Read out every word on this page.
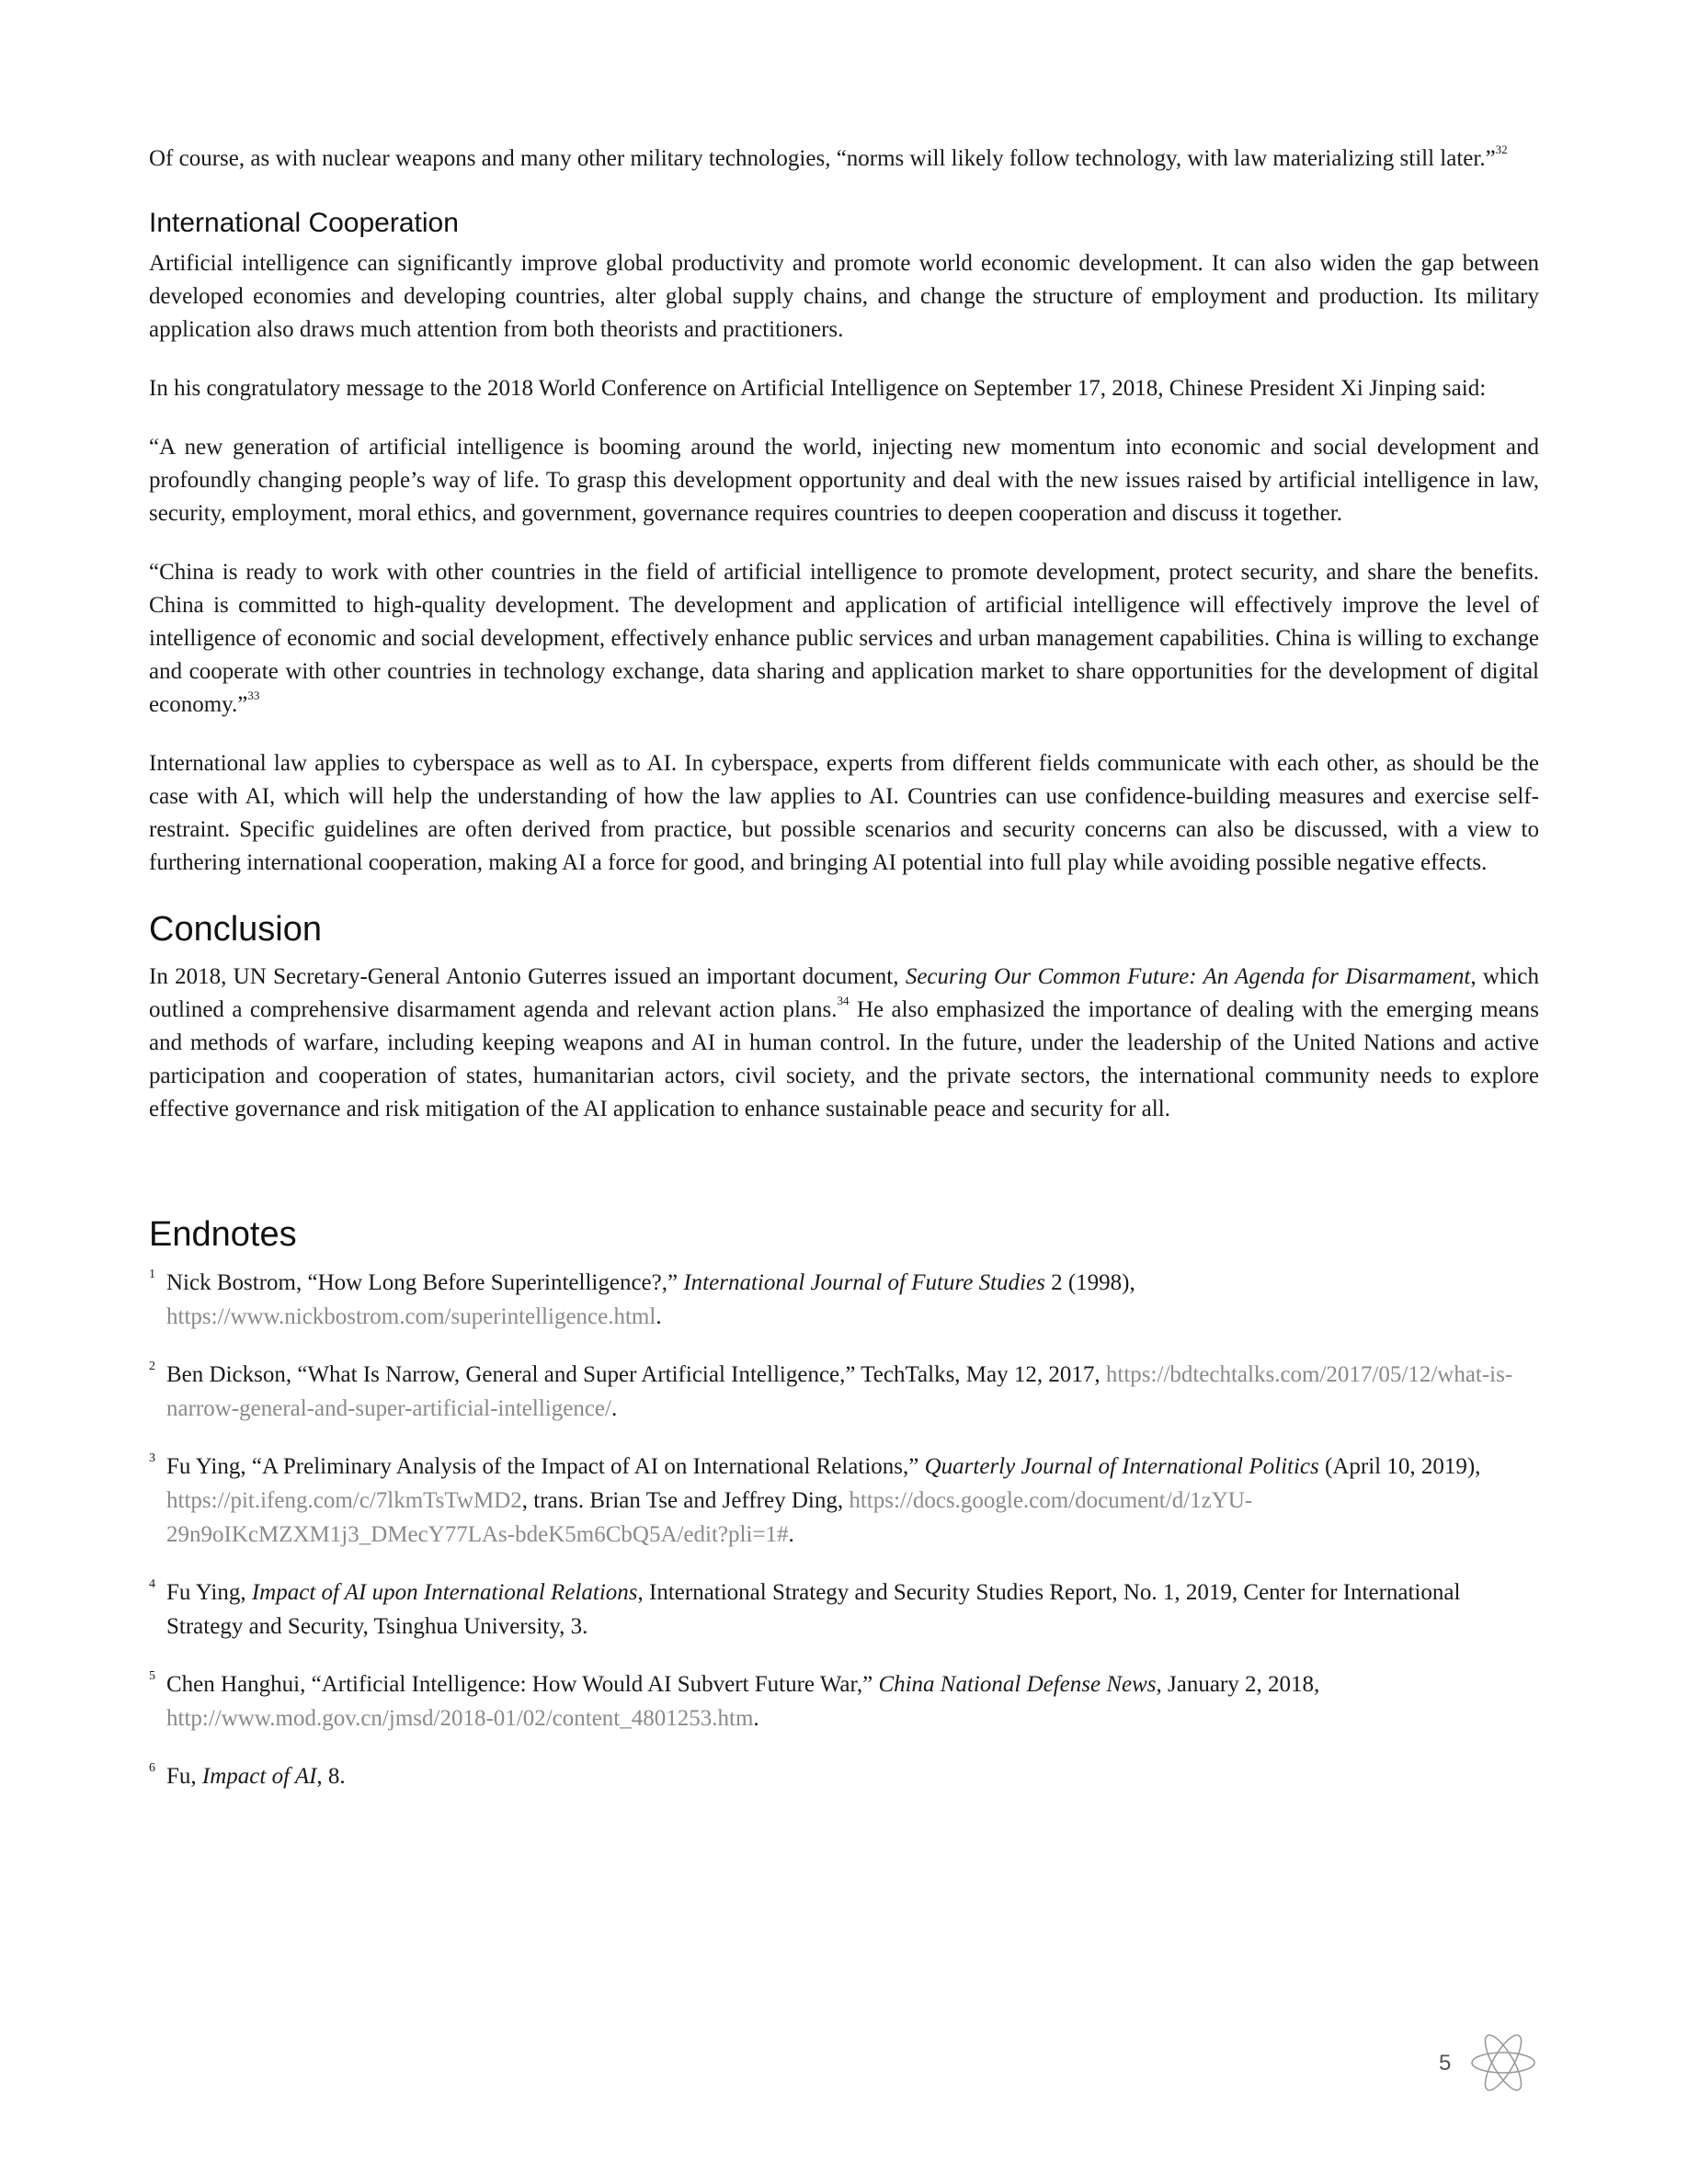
Of course, as with nuclear weapons and many other military technologies, “norms will likely follow technology, with law materializing still later.”$^{32}$

International Cooperation

Artificial intelligence can significantly improve global productivity and promote world economic development. It can also widen the gap between developed economies and developing countries, alter global supply chains, and change the structure of employment and production. Its military application also draws much attention from both theorists and practitioners.

In his congratulatory message to the 2018 World Conference on Artificial Intelligence on September 17, 2018, Chinese President Xi Jinping said:

“A new generation of artificial intelligence is booming around the world, injecting new momentum into economic and social development and profoundly changing people’s way of life. To grasp this development opportunity and deal with the new issues raised by artificial intelligence in law, security, employment, moral ethics, and government, governance requires countries to deepen cooperation and discuss it together.

“China is ready to work with other countries in the field of artificial intelligence to promote development, protect security, and share the benefits. China is committed to high-quality development. The development and application of artificial intelligence will effectively improve the level of intelligence of economic and social development, effectively enhance public services and urban management capabilities. China is willing to exchange and cooperate with other countries in technology exchange, data sharing and application market to share opportunities for the development of digital economy.”$^{33}$

International law applies to cyberspace as well as to AI. In cyberspace, experts from different fields communicate with each other, as should be the case with AI, which will help the understanding of how the law applies to AI. Countries can use confidence-building measures and exercise self-restraint. Specific guidelines are often derived from practice, but possible scenarios and security concerns can also be discussed, with a view to furthering international cooperation, making AI a force for good, and bringing AI potential into full play while avoiding possible negative effects.

Conclusion

In 2018, UN Secretary-General Antonio Guterres issued an important document, Securing Our Common Future: An Agenda for Disarmament, which outlined a comprehensive disarmament agenda and relevant action plans.$^{34}$ He also emphasized the importance of dealing with the emerging means and methods of warfare, including keeping weapons and AI in human control. In the future, under the leadership of the United Nations and active participation and cooperation of states, humanitarian actors, civil society, and the private sectors, the international community needs to explore effective governance and risk mitigation of the AI application to enhance sustainable peace and security for all.

Endnotes
1 Nick Bostrom, “How Long Before Superintelligence?,” International Journal of Future Studies 2 (1998), https://www.nickbostrom.com/superintelligence.html.
2 Ben Dickson, “What Is Narrow, General and Super Artificial Intelligence,” TechTalks, May 12, 2017, https://bdtechtalks.com/2017/05/12/what-is-narrow-general-and-super-artificial-intelligence/.
3 Fu Ying, “A Preliminary Analysis of the Impact of AI on International Relations,” Quarterly Journal of International Politics (April 10, 2019), https://pit.ifeng.com/c/7lkmTsTwMD2, trans. Brian Tse and Jeffrey Ding, https://docs.google.com/document/d/1zYU-29n9oIKcMZXM1j3_DMecY77LAs-bdeK5m6CbQ5A/edit?pli=1#.
4 Fu Ying, Impact of AI upon International Relations, International Strategy and Security Studies Report, No. 1, 2019, Center for International Strategy and Security, Tsinghua University, 3.
5 Chen Hanghui, “Artificial Intelligence: How Would AI Subvert Future War,” China National Defense News, January 2, 2018, http://www.mod.gov.cn/jmsd/2018-01/02/content_4801253.htm.
6 Fu, Impact of AI, 8.
5
